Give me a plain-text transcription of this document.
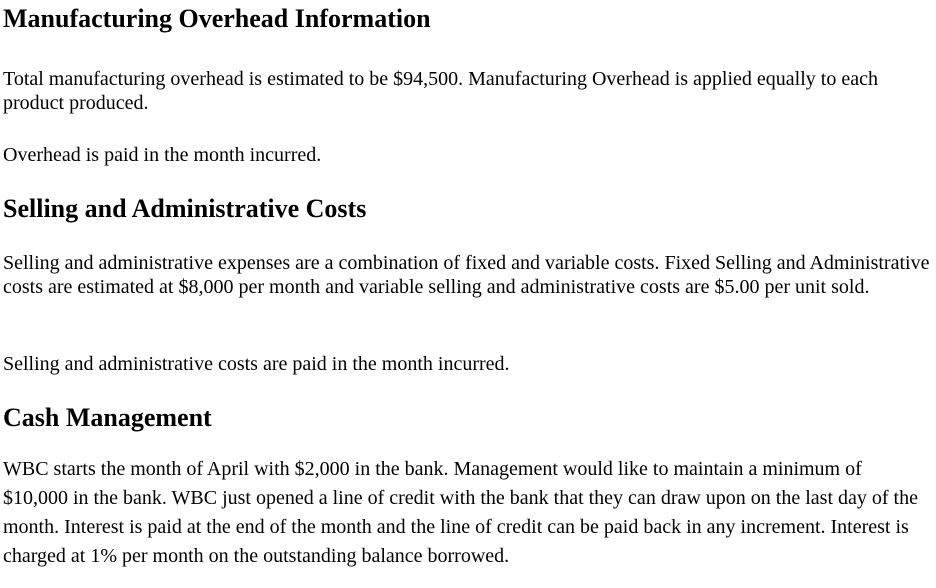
Manufacturing Overhead Information

Total manufacturing overhead is estimated to be $94,500. Manufacturing Overhead is applied equally to each product produced.

Overhead is paid in the month incurred.

Selling and Administrative Costs

Selling and administrative expenses are a combination of fixed and variable costs. Fixed Selling and Administrative costs are estimated at $8,000 per month and variable selling and administrative costs are $5.00 per unit sold.

Selling and administrative costs are paid in the month incurred.

Cash Management

WBC starts the month of April with $2,000 in the bank. Management would like to maintain a minimum of $10,000 in the bank. WBC just opened a line of credit with the bank that they can draw upon on the last day of the month. Interest is paid at the end of the month and the line of credit can be paid back in any increment. Interest is charged at 1% per month on the outstanding balance borrowed.
